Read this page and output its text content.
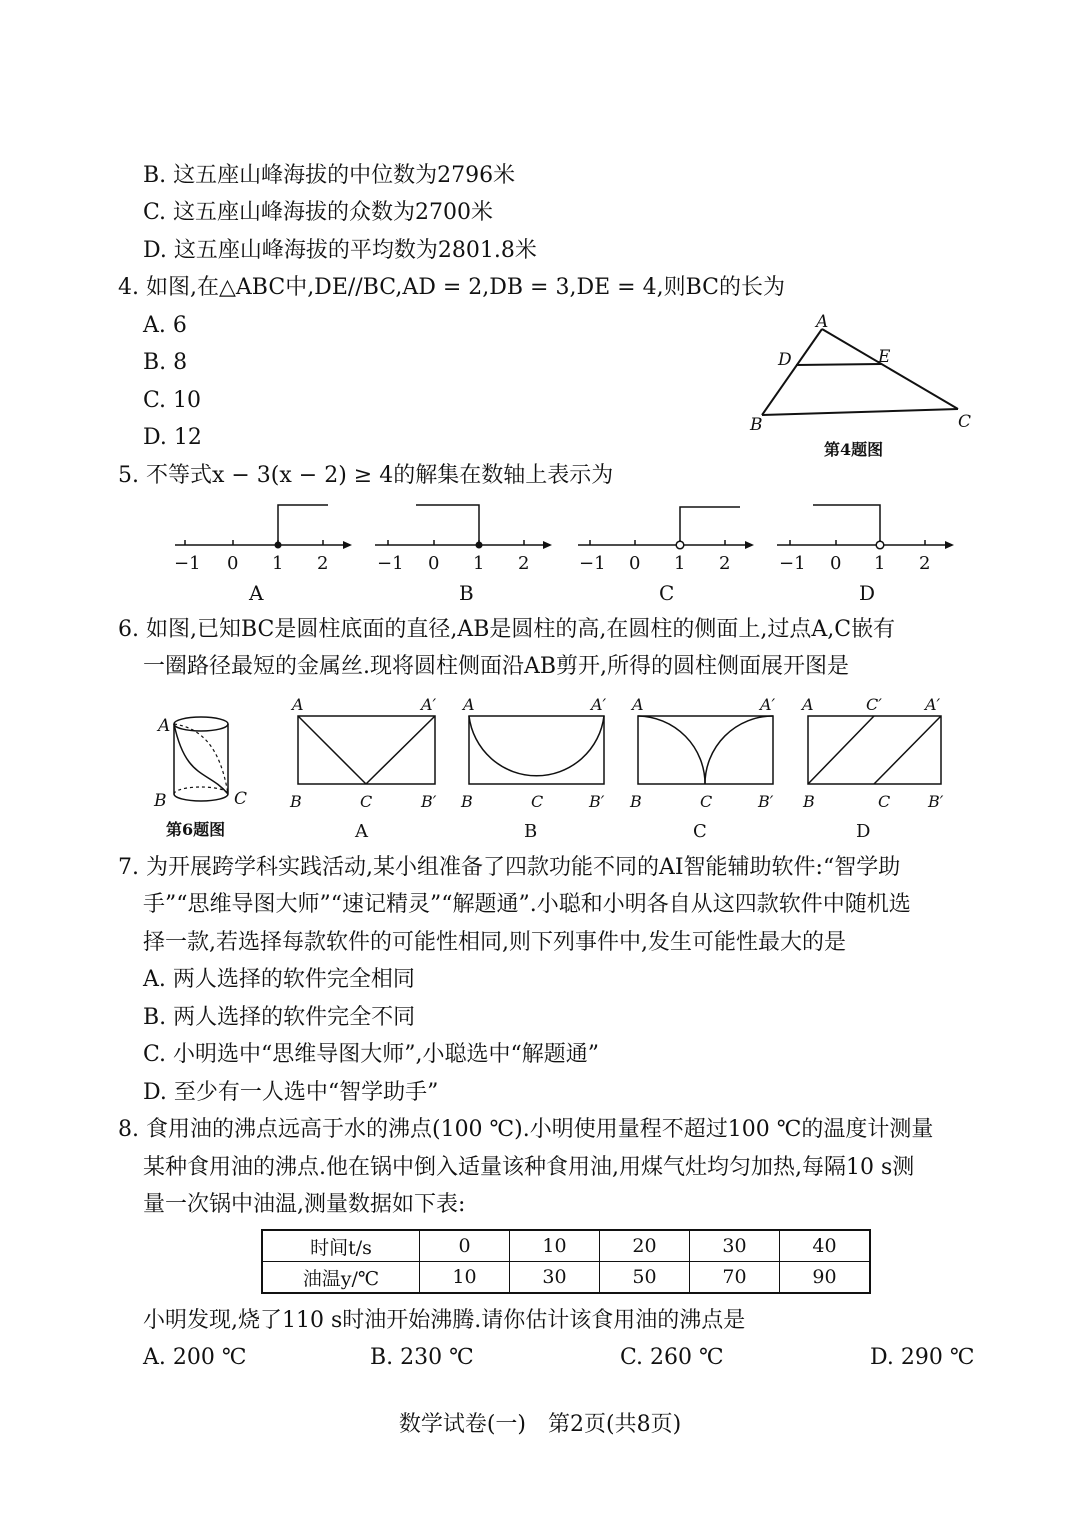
B. 这五座山峰海拔的中位数为2796米
C. 这五座山峰海拔的众数为2700米
D. 这五座山峰海拔的平均数为2801.8米
4. 如图,在△ABC中,DE//BC,AD = 2,DB = 3,DE = 4,则BC的长为
A. 6
B. 8
C. 10
D. 12
A
D	E
B	C
第4题图
5. 不等式x − 3(x − 2) ≥ 4的解集在数轴上表示为
−1 0 1 2
A
−1 0 1 2
B
−1 0 1 2
C
−1 0 1 2
D
6. 如图,已知BC是圆柱底面的直径,AB是圆柱的高,在圆柱的侧面上,过点A,C嵌有
一圈路径最短的金属丝.现将圆柱侧面沿AB剪开,所得的圆柱侧面展开图是
A
B	C
第6题图
A	A′
B	C	B′
A
A	A′
B	C	B′
B
A	A′
B	C	B′
C
A	C′	A′
B	C B′
D
7. 为开展跨学科实践活动,某小组准备了四款功能不同的AI智能辅助软件:“智学助
手”“思维导图大师”“速记精灵”“解题通”.小聪和小明各自从这四款软件中随机选
择一款,若选择每款软件的可能性相同,则下列事件中,发生可能性最大的是
A. 两人选择的软件完全相同
B. 两人选择的软件完全不同
C. 小明选中“思维导图大师”,小聪选中“解题通”
D. 至少有一人选中“智学助手”
8. 食用油的沸点远高于水的沸点(100 ℃).小明使用量程不超过100 ℃的温度计测量
某种食用油的沸点.他在锅中倒入适量该种食用油,用煤气灶均匀加热,每隔10 s测
量一次锅中油温,测量数据如下表:
时间t/s	0	10	20	30	40
油温y/℃	10	30	50	70	90
小明发现,烧了110 s时油开始沸腾.请你估计该食用油的沸点是
A. 200 ℃	B. 230 ℃	C. 260 ℃	D. 290 ℃
数学试卷(一)　第2页(共8页)
